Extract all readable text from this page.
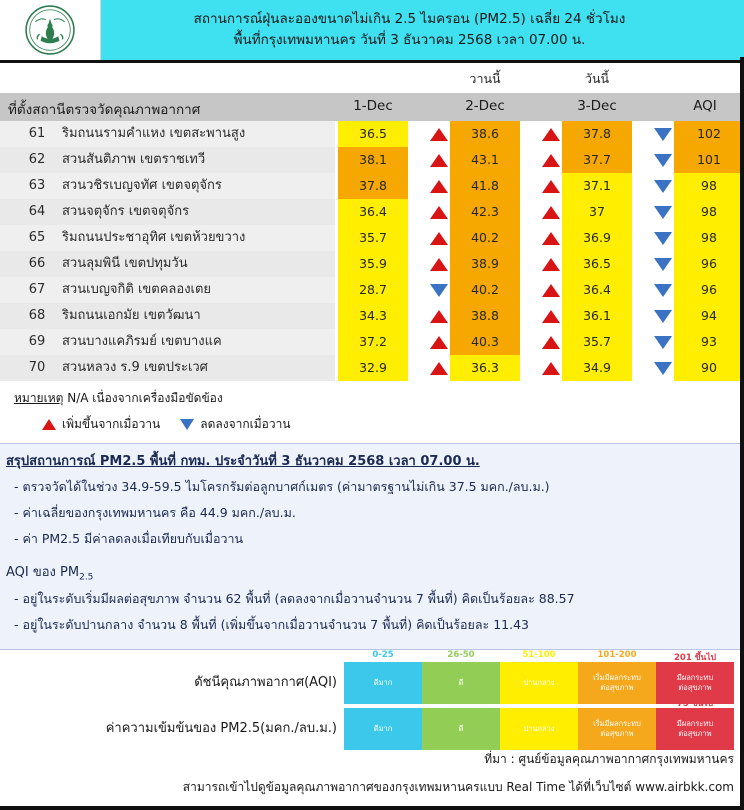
สถานการณ์ฝุ่นละอองขนาดไม่เกิน 2.5 ไมครอน (PM2.5) เฉลี่ย 24 ชั่วโมง
พื้นที่กรุงเทพมหานคร วันที่ 3 ธันวาคม 2568 เวลา 07.00 น.
วานนี้	วันนี้
ที่ตั้งสถานีตรวจวัดคุณภาพอากาศ	1-Dec	2-Dec	3-Dec	AQI
61	ริมถนนรามคำแหง เขตสะพานสูง	36.5	38.6	37.8	102
62	สวนสันติภาพ เขตราชเทวี	38.1	43.1	37.7	101
63	สวนวชิรเบญจทัศ เขตจตุจักร	37.8	41.8	37.1	98
64	สวนจตุจักร เขตจตุจักร	36.4	42.3	37	98
65	ริมถนนประชาอุทิศ เขตห้วยขวาง	35.7	40.2	36.9	98
66	สวนลุมพินี เขตปทุมวัน	35.9	38.9	36.5	96
67	สวนเบญจกิติ เขตคลองเตย	28.7	40.2	36.4	96
68	ริมถนนเอกมัย เขตวัฒนา	34.3	38.8	36.1	94
69	สวนบางแคภิรมย์ เขตบางแค	37.2	40.3	35.7	93
70	สวนหลวง ร.9 เขตประเวศ	32.9	36.3	34.9	90
หมายเหตุ N/A เนื่องจากเครื่องมือขัดข้อง
เพิ่มขึ้นจากเมื่อวาน	ลดลงจากเมื่อวาน
สรุปสถานการณ์ PM2.5 พื้นที่ กทม. ประจำวันที่ 3 ธันวาคม 2568 เวลา 07.00 น.
- ตรวจวัดได้ในช่วง 34.9-59.5 ไมโครกรัมต่อลูกบาศก์เมตร (ค่ามาตรฐานไม่เกิน 37.5 มคก./ลบ.ม.)
- ค่าเฉลี่ยของกรุงเทพมหานคร คือ 44.9 มคก./ลบ.ม.
- ค่า PM2.5 มีค่าลดลงเมื่อเทียบกับเมื่อวาน
AQI ของ $PM_{2.5}$
- อยู่ในระดับเริ่มมีผลต่อสุขภาพ จำนวน 62 พื้นที่ (ลดลงจากเมื่อวานจำนวน 7 พื้นที่) คิดเป็นร้อยละ 88.57
- อยู่ในระดับปานกลาง จำนวน 8 พื้นที่ (เพิ่มขึ้นจากเมื่อวานจำนวน 7 พื้นที่) คิดเป็นร้อยละ 11.43
ดัชนีคุณภาพอากาศ(AQI)
0-25
ดีมาก
26-50
ดี
51-100
ปานกลาง
101-200
เริ่มมีผลกระทบ
ต่อสุขภาพ
201 ขึ้นไป
มีผลกระทบ
ต่อสุขภาพ
ค่าความเข้มข้นของ PM2.5(มคก./ลบ.ม.)
0-15
ดีมาก
15.1-25
ดี
25.1-37.5
ปานกลาง
37.6-75
เริ่มมีผลกระทบ
ต่อสุขภาพ
75 ขึ้นไป
มีผลกระทบ
ต่อสุขภาพ
ที่มา : ศูนย์ข้อมูลคุณภาพอากาศกรุงเทพมหานคร
สามารถเข้าไปดูข้อมูลคุณภาพอากาศของกรุงเทพมหานครแบบ Real Time ได้ที่เว็บไซต์ www.airbkk.com
